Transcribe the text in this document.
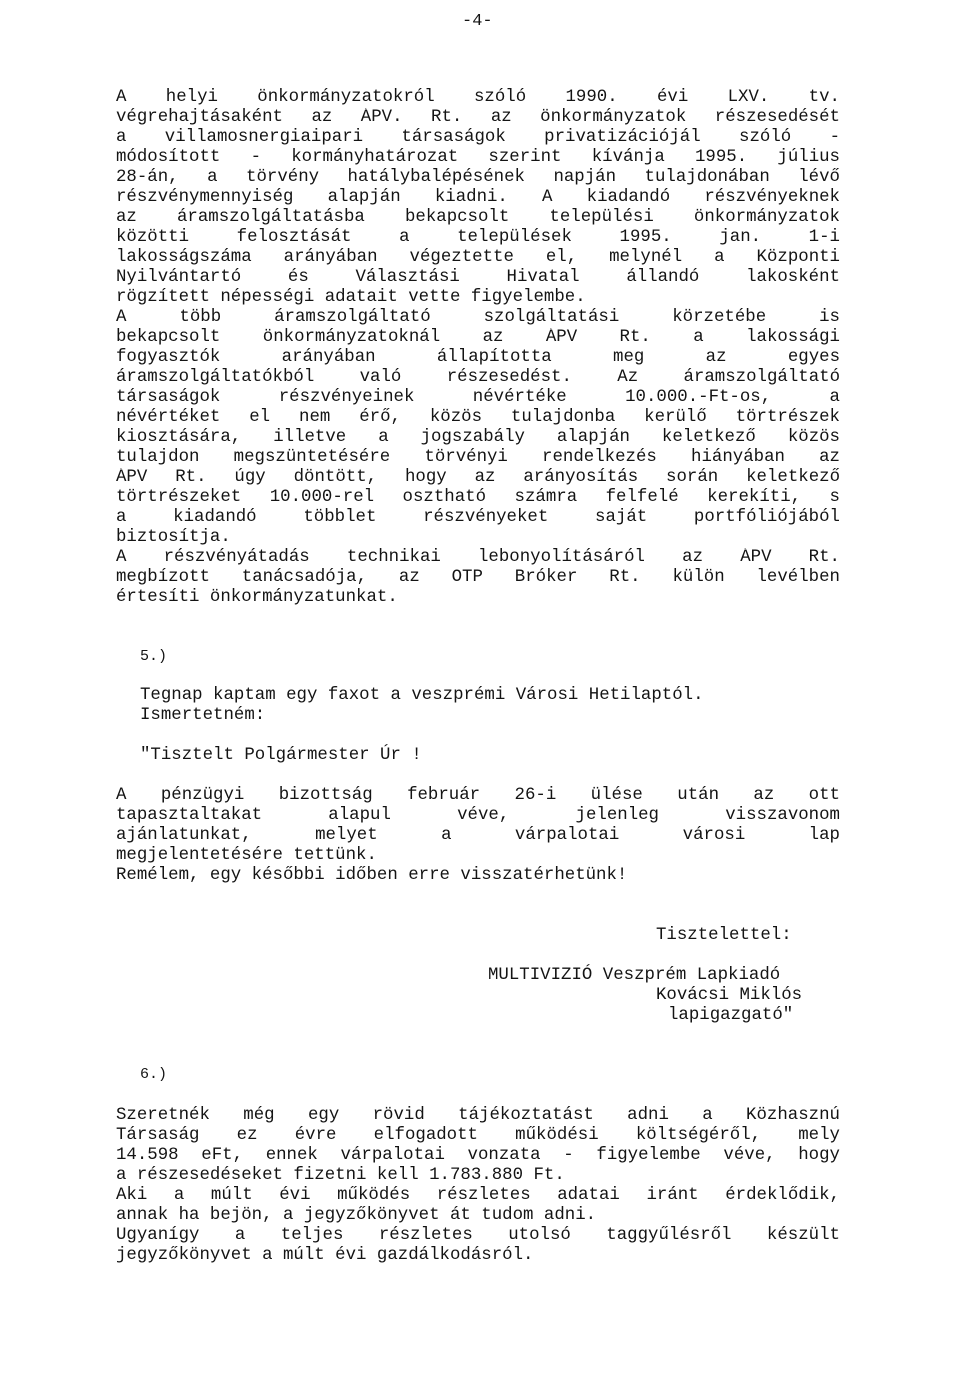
-4-
A helyi önkormányzatokról szóló 1990. évi LXV. tv.
végrehajtásaként az ÁPV. Rt. az önkormányzatok részesedését
a villamosnergiaipari társaságok privatizációjál szóló -
módosított - kormányhatározat szerint kívánja 1995. július
28-án, a törvény hatálybalépésének napján tulajdonában lévő
részvénymennyiség alapján kiadni. A kiadandó részvényeknek
az áramszolgáltatásba bekapcsolt települési önkormányzatok
közötti felosztását a települések 1995. jan. 1-i
lakosságszáma arányában végeztette el, melynél a Központi
Nyilvántartó és Választási Hivatal állandó lakosként
rögzített népességi adatait vette figyelembe.
A több áramszolgáltató szolgáltatási körzetébe is
bekapcsolt önkormányzatoknál az ÁPV Rt. a lakossági
fogyasztók arányában állapította meg az egyes
áramszolgáltatókból való részesedést. Az áramszolgáltató
társaságok részvényeinek névértéke 10.000.-Ft-os, a
névértéket el nem érő, közös tulajdonba kerülő törtrészek
kiosztására, illetve a jogszabály alapján keletkező közös
tulajdon megszüntetésére törvényi rendelkezés hiányában az
ÁPV Rt. úgy döntött, hogy az arányosítás során keletkező
törtrészeket 10.000-rel osztható számra felfelé kerekíti, s
a kiadandó többlet részvényeket saját portfóliójából
biztosítja.
A részvényátadás technikai lebonyolításáról az ÁPV Rt.
megbízott tanácsadója, az OTP Bróker Rt. külön levélben
értesíti önkormányzatunkat.
5.)
Tegnap kaptam egy faxot a veszprémi Városi Hetilaptól.
Ismertetném:
"Tisztelt Polgármester Úr !
A pénzügyi bizottság február 26-i ülése után az ott
tapasztaltakat alapul véve, jelenleg visszavonom
ajánlatunkat, melyet a várpalotai városi lap
megjelentetésére tettünk.
Remélem, egy későbbi időben erre visszatérhetünk!
Tisztelettel:
MULTIVIZIÓ Veszprém Lapkiadó
Kovácsi Miklós
lapigazgató"
6.)
Szeretnék még egy rövid tájékoztatást adni a Közhasznú
Társaság ez évre elfogadott működési költségéről, mely
14.598 eFt, ennek várpalotai vonzata - figyelembe véve, hogy
a részesedéseket fizetni kell 1.783.880 Ft.
Aki a múlt évi működés részletes adatai iránt érdeklődik,
annak ha bejön, a jegyzőkönyvet át tudom adni.
Ugyanígy a teljes részletes utolsó taggyűlésről készült
jegyzőkönyvet a múlt évi gazdálkodásról.
